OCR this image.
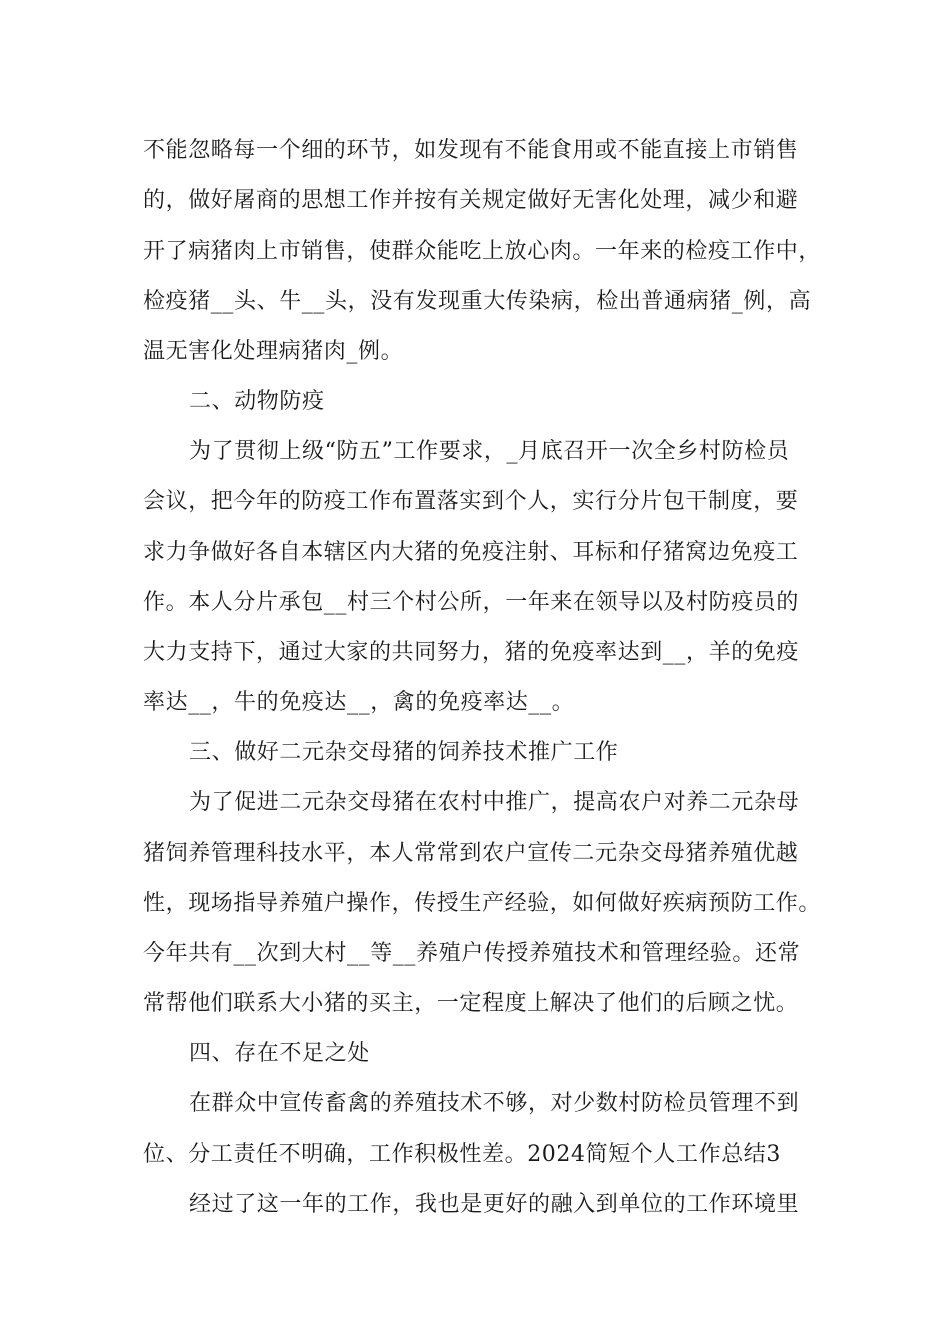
不能忽略每一个细的环节，如发现有不能食用或不能直接上市销售
的，做好屠商的思想工作并按有关规定做好无害化处理，减少和避
开了病猪肉上市销售，使群众能吃上放心肉。一年来的检疫工作中，
检疫猪__头、牛__头，没有发现重大传染病，检出普通病猪_例，高
温无害化处理病猪肉_例。
二、动物防疫
为了贯彻上级“防五”工作要求，_月底召开一次全乡村防检员
会议，把今年的防疫工作布置落实到个人，实行分片包干制度，要
求力争做好各自本辖区内大猪的免疫注射、耳标和仔猪窝边免疫工
作。本人分片承包__村三个村公所，一年来在领导以及村防疫员的
大力支持下，通过大家的共同努力，猪的免疫率达到__，羊的免疫
率达__，牛的免疫达__，禽的免疫率达__。
三、做好二元杂交母猪的饲养技术推广工作
为了促进二元杂交母猪在农村中推广，提高农户对养二元杂母
猪饲养管理科技水平，本人常常到农户宣传二元杂交母猪养殖优越
性，现场指导养殖户操作，传授生产经验，如何做好疾病预防工作。
今年共有__次到大村__等__养殖户传授养殖技术和管理经验。还常
常帮他们联系大小猪的买主，一定程度上解决了他们的后顾之忧。
四、存在不足之处
在群众中宣传畜禽的养殖技术不够，对少数村防检员管理不到
位、分工责任不明确，工作积极性差。2024简短个人工作总结3
经过了这一年的工作，我也是更好的融入到单位的工作环境里
